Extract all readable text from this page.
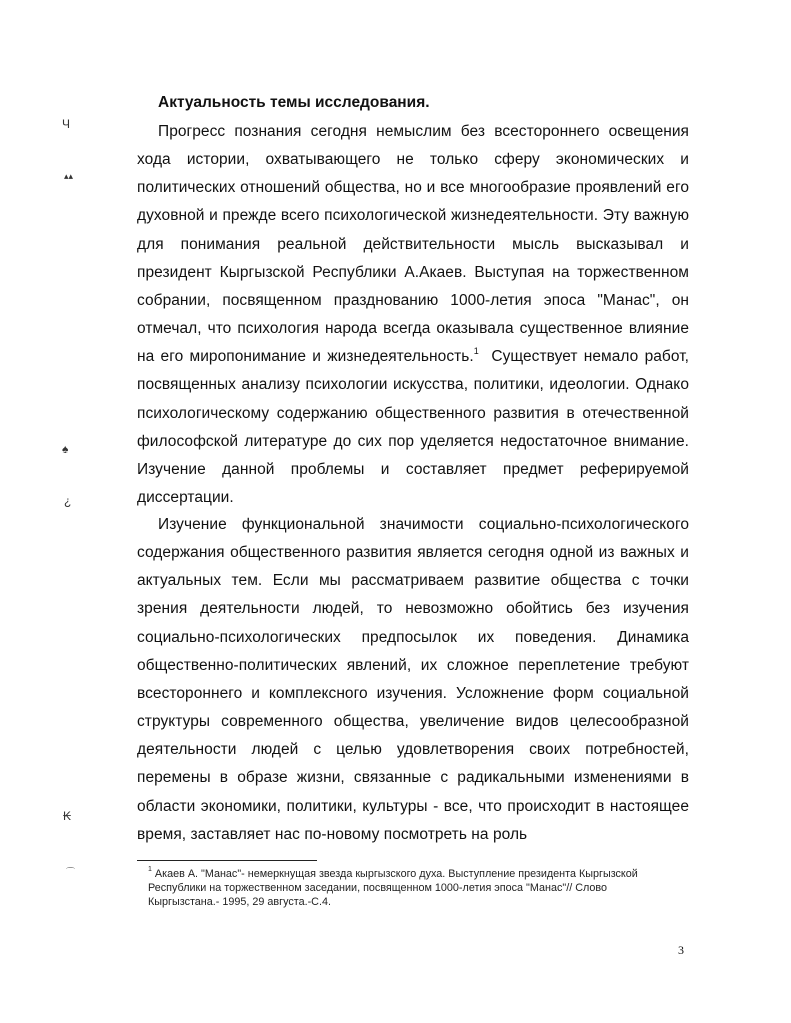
Ч
▴▴
♠
¿
₭
⌒
Актуальность темы исследования.

Прогресс познания сегодня немыслим без всестороннего освещения хода истории, охватывающего не только сферу экономических и политических отношений общества, но и все многообразие проявлений его духовной и прежде всего психологической жизнедеятельности. Эту важную для понимания реальной действительности мысль высказывал и президент Кыргызской Республики А.Акаев. Выступая на торжественном собрании, посвященном празднованию 1000-летия эпоса "Манас", он отмечал, что психология народа всегда оказывала существенное влияние на его миропонимание и жизнедеятельность.$^1$ Существует немало работ, посвященных анализу психологии искусства, политики, идеологии. Однако психологическому содержанию общественного развития в отечественной философской литературе до сих пор уделяется недостаточное внимание. Изучение данной проблемы и составляет предмет реферируемой диссертации.

Изучение функциональной значимости социально-психологического содержания общественного развития является сегодня одной из важных и актуальных тем. Если мы рассматриваем развитие общества с точки зрения деятельности людей, то невозможно обойтись без изучения социально-психологических предпосылок их поведения. Динамика общественно-политических явлений, их сложное переплетение требуют всестороннего и комплексного изучения. Усложнение форм социальной структуры современного общества, увеличение видов целесообразной деятельности людей с целью удовлетворения своих потребностей, перемены в образе жизни, связанные с радикальными изменениями в области экономики, политики, культуры - все, что происходит в настоящее время, заставляет нас по-новому посмотреть на роль

$^1$ Акаев А. "Манас"- немеркнущая звезда кыргызского духа. Выступление президента Кыргызской Республики на торжественном заседании, посвященном 1000-летия эпоса "Манас"// Слово Кыргызстана.- 1995, 29 августа.-С.4.
3
